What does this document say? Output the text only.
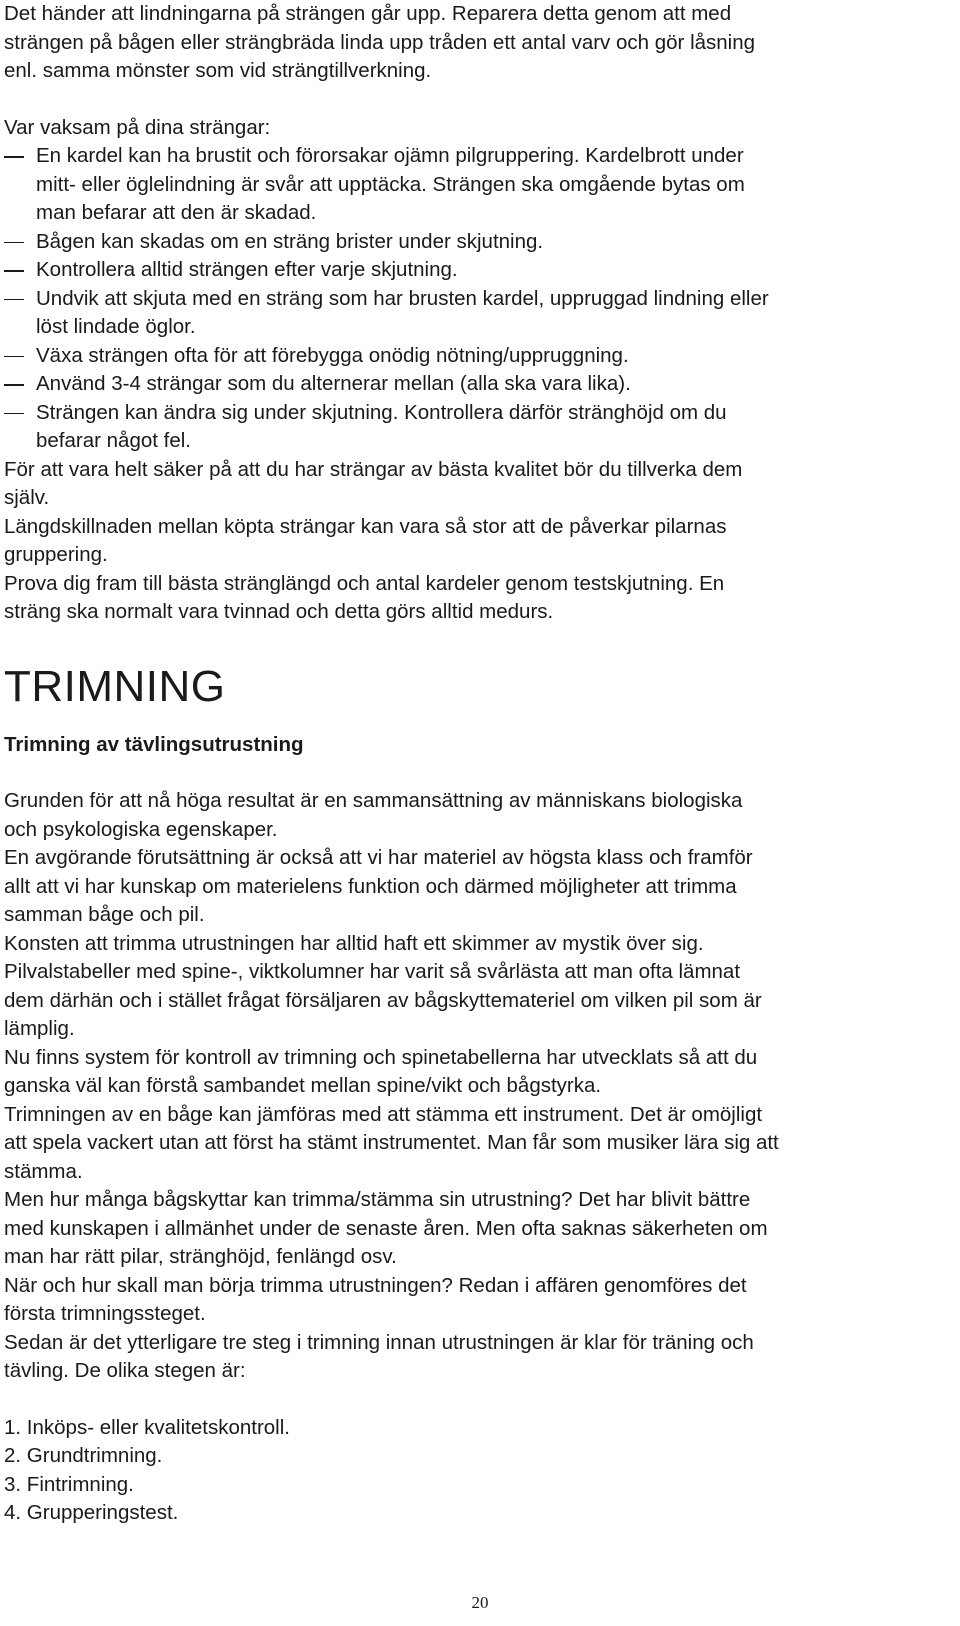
Det händer att lindningarna på strängen går upp. Reparera detta genom att med

strängen på bågen eller strängbräda linda upp tråden ett antal varv och gör låsning

enl. samma mönster som vid strängtillverkning.

Var vaksam på dina strängar:

En kardel kan ha brustit och förorsakar ojämn pilgruppering. Kardelbrott under
mitt- eller öglelindning är svår att upptäcka. Strängen ska omgående bytas om
man befarar att den är skadad.
Bågen kan skadas om en sträng brister under skjutning.
Kontrollera alltid strängen efter varje skjutning.
Undvik att skjuta med en sträng som har brusten kardel, uppruggad lindning eller
löst lindade öglor.
Växa strängen ofta för att förebygga onödig nötning/uppruggning.
Använd 3-4 strängar som du alternerar mellan (alla ska vara lika).
Strängen kan ändra sig under skjutning. Kontrollera därför stränghöjd om du
befarar något fel.

För att vara helt säker på att du har strängar av bästa kvalitet bör du tillverka dem

själv.

Längdskillnaden mellan köpta strängar kan vara så stor att de påverkar pilarnas

gruppering.

Prova dig fram till bästa stränglängd och antal kardeler genom testskjutning. En

sträng ska normalt vara tvinnad och detta görs alltid medurs.

TRIMNING
Trimning av tävlingsutrustning

Grunden för att nå höga resultat är en sammansättning av människans biologiska

och psykologiska egenskaper.

En avgörande förutsättning är också att vi har materiel av högsta klass och framför

allt att vi har kunskap om materielens funktion och därmed möjligheter att trimma

samman båge och pil.

Konsten att trimma utrustningen har alltid haft ett skimmer av mystik över sig.

Pilvalstabeller med spine-, viktkolumner har varit så svårlästa att man ofta lämnat

dem därhän och i stället frågat försäljaren av bågskyttemateriel om vilken pil som är

lämplig.

Nu finns system för kontroll av trimning och spinetabellerna har utvecklats så att du

ganska väl kan förstå sambandet mellan spine/vikt och bågstyrka.

Trimningen av en båge kan jämföras med att stämma ett instrument. Det är omöjligt

att spela vackert utan att först ha stämt instrumentet. Man får som musiker lära sig att

stämma.

Men hur många bågskyttar kan trimma/stämma sin utrustning? Det har blivit bättre

med kunskapen i allmänhet under de senaste åren. Men ofta saknas säkerheten om

man har rätt pilar, stränghöjd, fenlängd osv.

När och hur skall man börja trimma utrustningen? Redan i affären genomföres det

första trimningssteget.

Sedan är det ytterligare tre steg i trimning innan utrustningen är klar för träning och

tävling. De olika stegen är:

1. Inköps- eller kvalitetskontroll.
2. Grundtrimning.
3. Fintrimning.
4. Grupperingstest.
20
